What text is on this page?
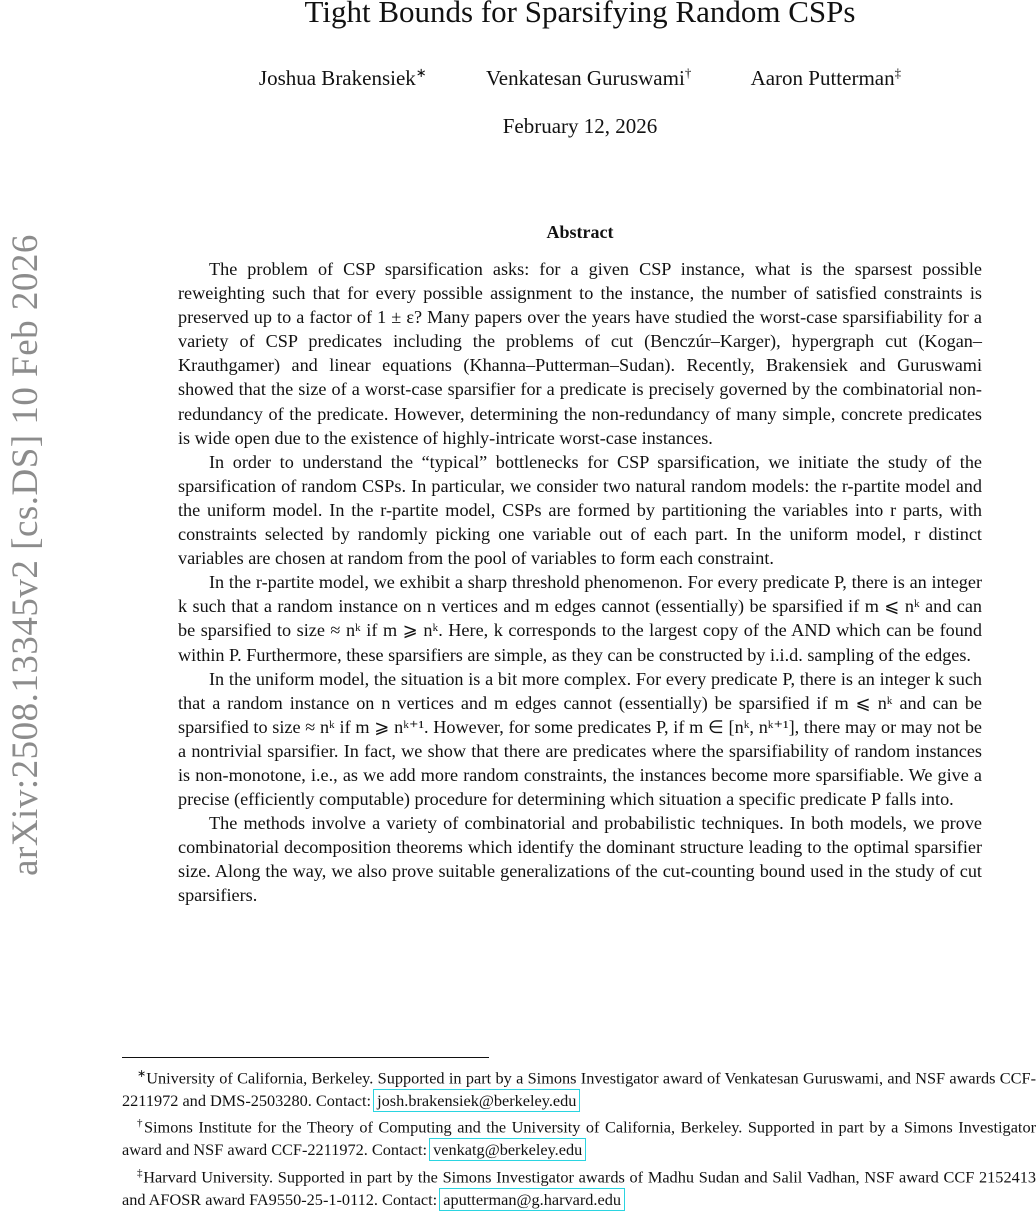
arXiv:2508.13345v2 [cs.DS] 10 Feb 2026
Tight Bounds for Sparsifying Random CSPs
Joshua Brakensiek∗	Venkatesan Guruswami†	Aaron Putterman‡
February 12, 2026
Abstract

The problem of CSP sparsification asks: for a given CSP instance, what is the sparsest possible reweighting such that for every possible assignment to the instance, the number of satisfied constraints is preserved up to a factor of 1 ± ε? Many papers over the years have studied the worst-case sparsifiability for a variety of CSP predicates including the problems of cut (Benczúr–Karger), hypergraph cut (Kogan–Krauthgamer) and linear equations (Khanna–Putterman–Sudan). Recently, Brakensiek and Guruswami showed that the size of a worst-case sparsifier for a predicate is precisely governed by the combinatorial non-redundancy of the predicate. However, determining the non-redundancy of many simple, concrete predicates is wide open due to the existence of highly-intricate worst-case instances.

In order to understand the “typical” bottlenecks for CSP sparsification, we initiate the study of the sparsification of random CSPs. In particular, we consider two natural random models: the r-partite model and the uniform model. In the r-partite model, CSPs are formed by partitioning the variables into r parts, with constraints selected by randomly picking one variable out of each part. In the uniform model, r distinct variables are chosen at random from the pool of variables to form each constraint.

In the r-partite model, we exhibit a sharp threshold phenomenon. For every predicate P, there is an integer k such that a random instance on n vertices and m edges cannot (essentially) be sparsified if m ⩽ nᵏ and can be sparsified to size ≈ nᵏ if m ⩾ nᵏ. Here, k corresponds to the largest copy of the AND which can be found within P. Furthermore, these sparsifiers are simple, as they can be constructed by i.i.d. sampling of the edges.

In the uniform model, the situation is a bit more complex. For every predicate P, there is an integer k such that a random instance on n vertices and m edges cannot (essentially) be sparsified if m ⩽ nᵏ and can be sparsified to size ≈ nᵏ if m ⩾ nᵏ⁺¹. However, for some predicates P, if m ∈ [nᵏ, nᵏ⁺¹], there may or may not be a nontrivial sparsifier. In fact, we show that there are predicates where the sparsifiability of random instances is non-monotone, i.e., as we add more random constraints, the instances become more sparsifiable. We give a precise (efficiently computable) procedure for determining which situation a specific predicate P falls into.

The methods involve a variety of combinatorial and probabilistic techniques. In both models, we prove combinatorial decomposition theorems which identify the dominant structure leading to the optimal sparsifier size. Along the way, we also prove suitable generalizations of the cut-counting bound used in the study of cut sparsifiers.

∗University of California, Berkeley. Supported in part by a Simons Investigator award of Venkatesan Guruswami, and NSF awards CCF-2211972 and DMS-2503280. Contact: josh.brakensiek@berkeley.edu

†Simons Institute for the Theory of Computing and the University of California, Berkeley. Supported in part by a Simons Investigator award and NSF award CCF-2211972. Contact: venkatg@berkeley.edu

‡Harvard University. Supported in part by the Simons Investigator awards of Madhu Sudan and Salil Vadhan, NSF award CCF 2152413 and AFOSR award FA9550-25-1-0112. Contact: aputterman@g.harvard.edu
